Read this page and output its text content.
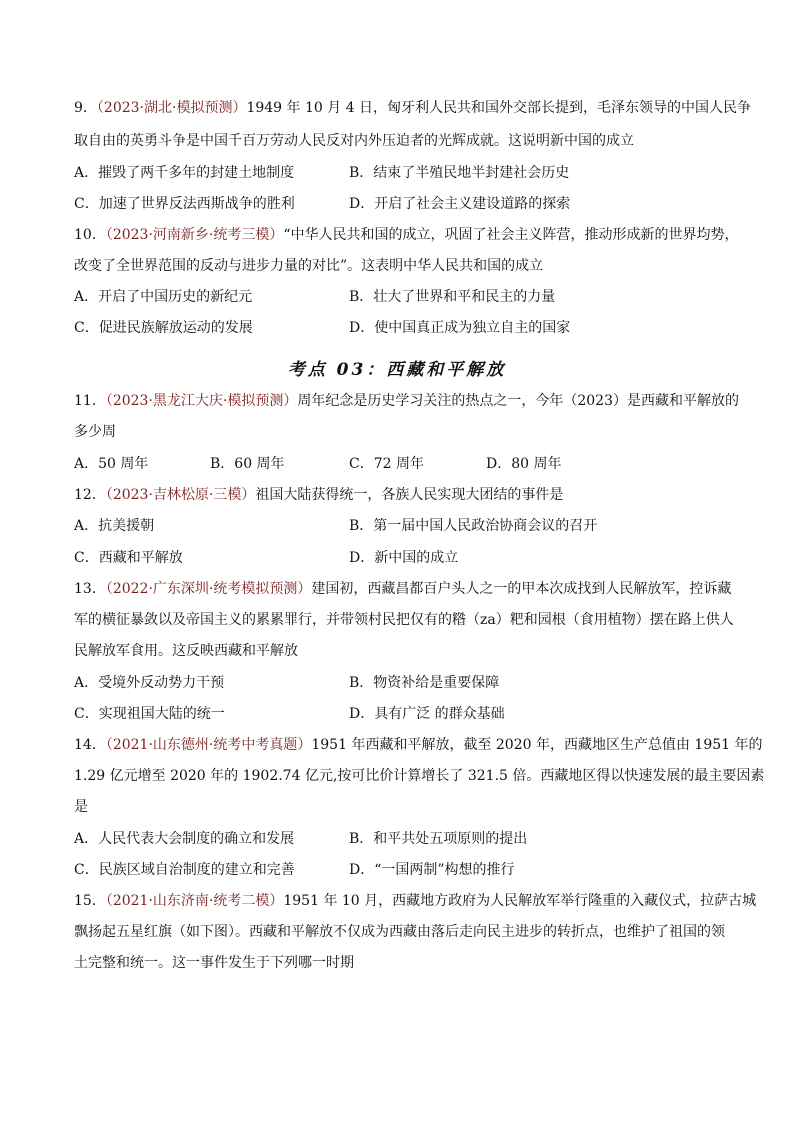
9．（2023·湖北·模拟预测）1949 年 10 月 4 日，匈牙利人民共和国外交部长提到，毛泽东领导的中国人民争
取自由的英勇斗争是中国千百万劳动人民反对内外压迫者的光辉成就。这说明新中国的成立
A．摧毁了两千多年的封建土地制度	B．结束了半殖民地半封建社会历史
C．加速了世界反法西斯战争的胜利	D．开启了社会主义建设道路的探索
10．（2023·河南新乡·统考三模）“中华人民共和国的成立，巩固了社会主义阵营，推动形成新的世界均势，
改变了全世界范围的反动与进步力量的对比”。这表明中华人民共和国的成立
A．开启了中国历史的新纪元	B．壮大了世界和平和民主的力量
C．促进民族解放运动的发展	D．使中国真正成为独立自主的国家
考点 03：西藏和平解放
11．（2023·黑龙江大庆·模拟预测）周年纪念是历史学习关注的热点之一，今年（2023）是西藏和平解放的
多少周
A．50 周年	B．60 周年	C．72 周年	D．80 周年
12．（2023·吉林松原·三模）祖国大陆获得统一，各族人民实现大团结的事件是
A．抗美援朝	B．第一届中国人民政治协商会议的召开
C．西藏和平解放	D．新中国的成立
13．（2022·广东深圳·统考模拟预测）建国初，西藏昌都百户头人之一的甲本次成找到人民解放军，控诉藏
军的横征暴敛以及帝国主义的累累罪行，并带领村民把仅有的糌（za）粑和园根（食用植物）摆在路上供人
民解放军食用。这反映西藏和平解放
A．受境外反动势力干预	B．物资补给是重要保障
C．实现祖国大陆的统一	D．具有广泛 的群众基础
14．（2021·山东德州·统考中考真题）1951 年西藏和平解放，截至 2020 年，西藏地区生产总值由 1951 年的
1.29 亿元增至 2020 年的 1902.74 亿元,按可比价计算增长了 321.5 倍。西藏地区得以快速发展的最主要因素
是
A．人民代表大会制度的确立和发展	B．和平共处五项原则的提出
C．民族区域自治制度的建立和完善	D．“一国两制”构想的推行
15．（2021·山东济南·统考二模）1951 年 10 月，西藏地方政府为人民解放军举行隆重的入藏仪式，拉萨古城
飘扬起五星红旗（如下图）。西藏和平解放不仅成为西藏由落后走向民主进步的转折点，也维护了祖国的领
土完整和统一。这一事件发生于下列哪一时期
